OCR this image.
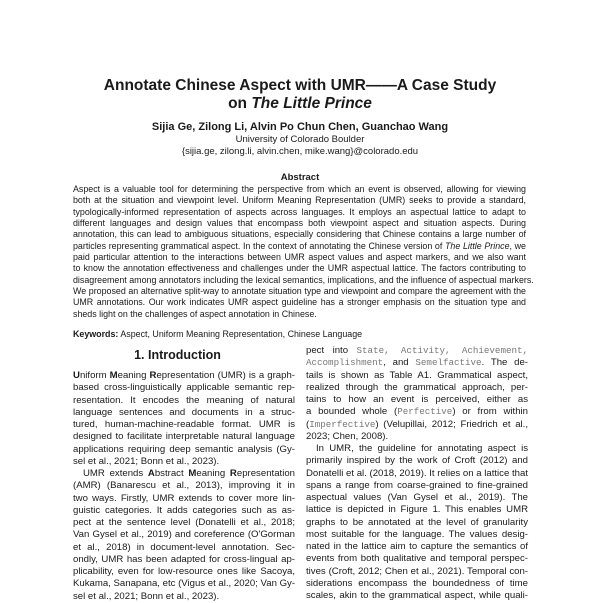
Annotate Chinese Aspect with UMR——A Case Study
on The Little Prince
Sijia Ge, Zilong Li, Alvin Po Chun Chen, Guanchao Wang
University of Colorado Boulder
{sijia.ge, zilong.li, alvin.chen, mike.wang}@colorado.edu
Abstract
Aspect is a valuable tool for determining the perspective from which an event is observed, allowing for viewing
both at the situation and viewpoint level. Uniform Meaning Representation (UMR) seeks to provide a standard,
typologically-informed representation of aspects across languages. It employs an aspectual lattice to adapt to
different languages and design values that encompass both viewpoint aspect and situation aspects. During
annotation, this can lead to ambiguous situations, especially considering that Chinese contains a large number of
particles representing grammatical aspect. In the context of annotating the Chinese version of The Little Prince, we
paid particular attention to the interactions between UMR aspect values and aspect markers, and we also want
to know the annotation effectiveness and challenges under the UMR aspectual lattice. The factors contributing to
disagreement among annotators including the lexical semantics, implications, and the influence of aspectual markers.
We proposed an alternative split-way to annotate situation type and viewpoint and compare the agreement with the
UMR annotations. Our work indicates UMR aspect guideline has a stronger emphasis on the situation type and
sheds light on the challenges of aspect annotation in Chinese.
Keywords: Aspect, Uniform Meaning Representation, Chinese Language
1. Introduction
Uniform Meaning Representation (UMR) is a graph-
based cross-linguistically applicable semantic rep-
resentation. It encodes the meaning of natural
language sentences and documents in a struc-
tured, human-machine-readable format. UMR is
designed to facilitate interpretable natural language
applications requiring deep semantic analysis (Gy-
sel et al., 2021; Bonn et al., 2023).
UMR extends Abstract Meaning Representation
(AMR) (Banarescu et al., 2013), improving it in
two ways. Firstly, UMR extends to cover more lin-
guistic categories. It adds categories such as as-
pect at the sentence level (Donatelli et al., 2018;
Van Gysel et al., 2019) and coreference (O'Gorman
et al., 2018) in document-level annotation. Sec-
ondly, UMR has been adapted for cross-lingual ap-
plicability, even for low-resource ones like Sacoya,
Kukama, Sanapana, etc (Vigus et al., 2020; Van Gy-
sel et al., 2021; Bonn et al., 2023).
pect into State, Activity, Achievement,
Accomplishment, and Semelfactive. The de-
tails is shown as Table A1. Grammatical aspect,
realized through the grammatical approach, per-
tains to how an event is perceived, either as
a bounded whole (Perfective) or from within
(Imperfective) (Velupillai, 2012; Friedrich et al.,
2023; Chen, 2008).
In UMR, the guideline for annotating aspect is
primarily inspired by the work of Croft (2012) and
Donatelli et al. (2018, 2019). It relies on a lattice that
spans a range from coarse-grained to fine-grained
aspectual values (Van Gysel et al., 2019). The
lattice is depicted in Figure 1. This enables UMR
graphs to be annotated at the level of granularity
most suitable for the language. The values desig-
nated in the lattice aim to capture the semantics of
events from both qualitative and temporal perspec-
tives (Croft, 2012; Chen et al., 2021). Temporal con-
siderations encompass the boundedness of time
scales, akin to the grammatical aspect, while quali-
